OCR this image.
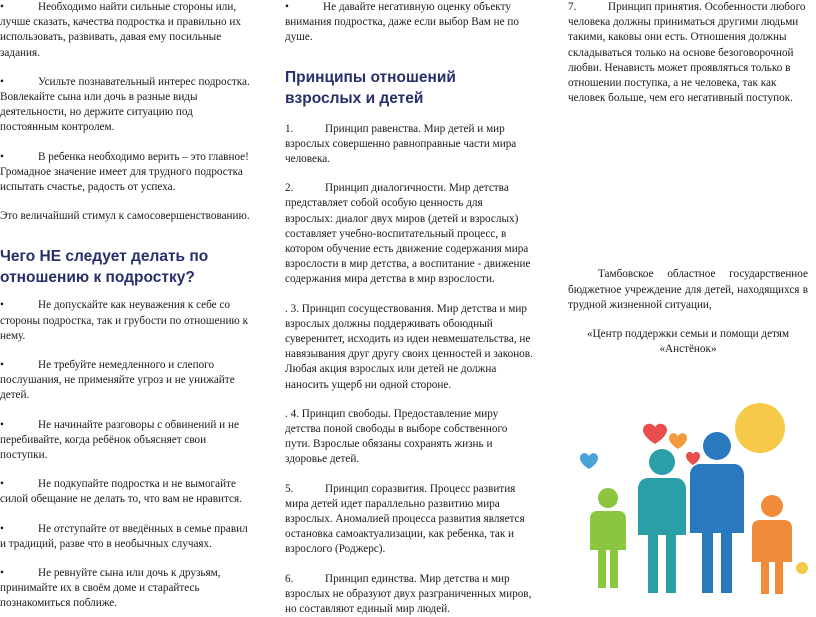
•	Необходимо найти сильные стороны или, лучше сказать, качества подростка и правильно их использовать, развивать, давая ему посильные задания.
•	Усильте познавательный интерес подростка. Вовлекайте сына или дочь в разные виды деятельности, но держите ситуацию под постоянным контролем.
•	В ребенка необходимо верить – это главное! Громадное значение имеет для трудного подростка испытать счастье, радость от успеха.

Это величайший стимул к самосовершенствованию.

Чего НЕ следует делать по отношению к подростку?
•	Не допускайте как неуважения к себе со стороны подростка, так и грубости по отношению к нему.
•	Не требуйте немедленного и слепого послушания, не применяйте угроз и не унижайте детей.
•	Не начинайте разговоры с обвинений и не перебивайте, когда ребёнок объясняет свои поступки.
•	Не подкупайте подростка и не вымогайте силой обещание не делать то, что вам не нравится.
•	Не отступайте от введённых в семье правил и традиций, разве что в необычных случаях.
•	Не ревнуйте сына или дочь к друзьям, принимайте их в своём доме и старайтесь познакомиться поближе.
•	Не давайте негативную оценку объекту внимания подростка, даже если выбор Вам не по душе.
Принципы отношений взрослых и детей
1.	Принцип равенства. Мир детей и мир взрослых совершенно равноправные части мира человека.
2.	Принцип диалогичности. Мир детства представляет собой особую ценность для взрослых: диалог двух миров (детей и взрослых) составляет учебно-воспитательный процесс, в котором обучение есть движение содержания мира взрослости в мир детства, а воспитание - движение содержания мира детства в мир взрослости.

. 3. Принцип сосуществования. Мир детства и мир взрослых должны поддерживать обоюдный суверенитет, исходить из идеи невмешательства, не навязывания друг другу своих ценностей и законов. Любая акция взрослых или детей не должна наносить ущерб ни одной стороне.

. 4. Принцип свободы. Предоставление миру детства поной свободы в выборе собственного пути. Взрослые обязаны сохранять жизнь и здоровье детей.

5.	Принцип соразвития. Процесс развития мира детей идет параллельно развитию мира взрослых. Аномалией процесса развития является остановка самоактуализации, как ребенка, так и взрослого (Роджерс).
6.	Принцип единства. Мир детства и мир взрослых не образуют двух разграниченных миров, но составляют единый мир людей.
7.	Принцип принятия. Особенности любого человека должны приниматься другими людьми такими, каковы они есть. Отношения должны складываться только на основе безоговорочной любви. Ненависть может проявляться только в отношении поступка, а не человека, так как человек больше, чем его негативный поступок.

Тамбовское областное государственное бюджетное учреждение для детей, находящихся в трудной жизненной ситуации,

«Центр поддержки семьи и помощи детям «Анстёнок»
